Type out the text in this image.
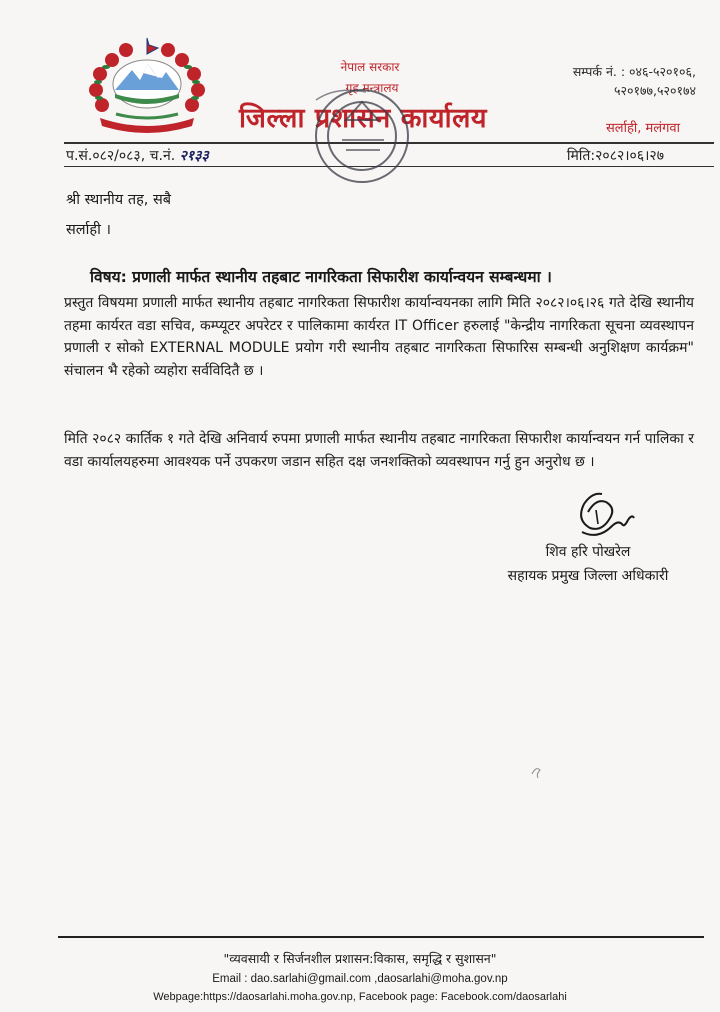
नेपाल सरकार
गृह मन्त्रालय
जिल्ला प्रशासन कार्यालय
सम्पर्क नं. : ०४६-५२०१०६,
५२०१७७,५२०१७४
सर्लाही, मलंगवा
प.सं.०८२/०८३, च.नं. २१३३	मिति:२०८२।०६।२७
श्री स्थानीय तह, सबै
सर्लाही ।
विषय: प्रणाली मार्फत स्थानीय तहबाट नागरिकता सिफारीश कार्यान्वयन सम्बन्धमा ।
प्रस्तुत विषयमा प्रणाली मार्फत स्थानीय तहबाट नागरिकता सिफारीश कार्यान्वयनका लागि मिति २०८२।०६।२६ गते देखि स्थानीय तहमा कार्यरत वडा सचिव, कम्प्यूटर अपरेटर र पालिकामा कार्यरत IT Officer हरुलाई "केन्द्रीय नागरिकता सूचना व्यवस्थापन प्रणाली र सोको EXTERNAL MODULE प्रयोग गरी स्थानीय तहबाट नागरिकता सिफारिस सम्बन्धी अनुशिक्षण कार्यक्रम" संचालन भै रहेको व्यहोरा सर्वविदितै छ ।
मिति २०८२ कार्तिक १ गते देखि अनिवार्य रुपमा प्रणाली मार्फत स्थानीय तहबाट नागरिकता सिफारीश कार्यान्वयन गर्न पालिका र वडा कार्यालयहरुमा आवश्यक पर्ने उपकरण जडान सहित दक्ष जनशक्तिको व्यवस्थापन गर्नु हुन अनुरोध छ ।
शिव हरि पोखरेल
सहायक प्रमुख जिल्ला अधिकारी
"व्यवसायी र सिर्जनशील प्रशासन:विकास, समृद्धि र सुशासन"
Email : dao.sarlahi@gmail.com ,daosarlahi@moha.gov.np
Webpage:https://daosarlahi.moha.gov.np, Facebook page: Facebook.com/daosarlahi
